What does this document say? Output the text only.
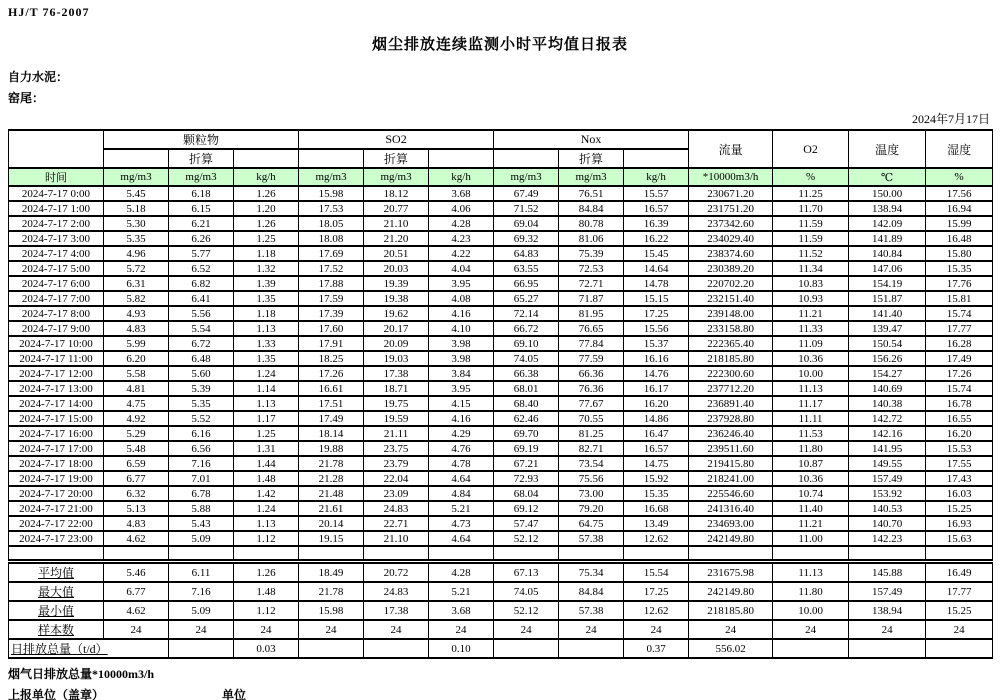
HJ/T 76-2007
烟尘排放连续监测小时平均值日报表
自力水泥：
窑尾：
2024年7月17日
	颗粒物			SO2			Nox			流量	O2	温度	湿度
		折算			折算			折算					
时间	mg/m3	mg/m3	kg/h	mg/m3	mg/m3	kg/h	mg/m3	mg/m3	kg/h	*10000m3/h	%	℃	%
2024-7-17 0:00	5.45	6.18	1.26	15.98	18.12	3.68	67.49	76.51	15.57	230671.20	11.25	150.00	17.56
2024-7-17 1:00	5.18	6.15	1.20	17.53	20.77	4.06	71.52	84.84	16.57	231751.20	11.70	138.94	16.94
2024-7-17 2:00	5.30	6.21	1.26	18.05	21.10	4.28	69.04	80.78	16.39	237342.60	11.59	142.09	15.99
2024-7-17 3:00	5.35	6.26	1.25	18.08	21.20	4.23	69.32	81.06	16.22	234029.40	11.59	141.89	16.48
2024-7-17 4:00	4.96	5.77	1.18	17.69	20.51	4.22	64.83	75.39	15.45	238374.60	11.52	140.84	15.80
2024-7-17 5:00	5.72	6.52	1.32	17.52	20.03	4.04	63.55	72.53	14.64	230389.20	11.34	147.06	15.35
2024-7-17 6:00	6.31	6.82	1.39	17.88	19.39	3.95	66.95	72.71	14.78	220702.20	10.83	154.19	17.76
2024-7-17 7:00	5.82	6.41	1.35	17.59	19.38	4.08	65.27	71.87	15.15	232151.40	10.93	151.87	15.81
2024-7-17 8:00	4.93	5.56	1.18	17.39	19.62	4.16	72.14	81.95	17.25	239148.00	11.21	141.40	15.74
2024-7-17 9:00	4.83	5.54	1.13	17.60	20.17	4.10	66.72	76.65	15.56	233158.80	11.33	139.47	17.77
2024-7-17 10:00	5.99	6.72	1.33	17.91	20.09	3.98	69.10	77.84	15.37	222365.40	11.09	150.54	16.28
2024-7-17 11:00	6.20	6.48	1.35	18.25	19.03	3.98	74.05	77.59	16.16	218185.80	10.36	156.26	17.49
2024-7-17 12:00	5.58	5.60	1.24	17.26	17.38	3.84	66.38	66.36	14.76	222300.60	10.00	154.27	17.26
2024-7-17 13:00	4.81	5.39	1.14	16.61	18.71	3.95	68.01	76.36	16.17	237712.20	11.13	140.69	15.74
2024-7-17 14:00	4.75	5.35	1.13	17.51	19.75	4.15	68.40	77.67	16.20	236891.40	11.17	140.38	16.78
2024-7-17 15:00	4.92	5.52	1.17	17.49	19.59	4.16	62.46	70.55	14.86	237928.80	11.11	142.72	16.55
2024-7-17 16:00	5.29	6.16	1.25	18.14	21.11	4.29	69.70	81.25	16.47	236246.40	11.53	142.16	16.20
2024-7-17 17:00	5.48	6.56	1.31	19.88	23.75	4.76	69.19	82.71	16.57	239511.60	11.80	141.95	15.53
2024-7-17 18:00	6.59	7.16	1.44	21.78	23.79	4.78	67.21	73.54	14.75	219415.80	10.87	149.55	17.55
2024-7-17 19:00	6.77	7.01	1.48	21.28	22.04	4.64	72.93	75.56	15.92	218241.00	10.36	157.49	17.43
2024-7-17 20:00	6.32	6.78	1.42	21.48	23.09	4.84	68.04	73.00	15.35	225546.60	10.74	153.92	16.03
2024-7-17 21:00	5.13	5.88	1.24	21.61	24.83	5.21	69.12	79.20	16.68	241316.40	11.40	140.53	15.25
2024-7-17 22:00	4.83	5.43	1.13	20.14	22.71	4.73	57.47	64.75	13.49	234693.00	11.21	140.70	16.93
2024-7-17 23:00	4.62	5.09	1.12	19.15	21.10	4.64	52.12	57.38	12.62	242149.80	11.00	142.23	15.63

平均值	5.46	6.11	1.26	18.49	20.72	4.28	67.13	75.34	15.54	231675.98	11.13	145.88	16.49
最大值	6.77	7.16	1.48	21.78	24.83	5.21	74.05	84.84	17.25	242149.80	11.80	157.49	17.77
最小值	4.62	5.09	1.12	15.98	17.38	3.68	52.12	57.38	12.62	218185.80	10.00	138.94	15.25
样本数	24	24	24	24	24	24	24	24	24	24	24	24	24
日排放总量（t/d）			0.03			0.10			0.37	556.02			
烟气日排放总量*10000m3/h
上报单位（盖章）	单位
